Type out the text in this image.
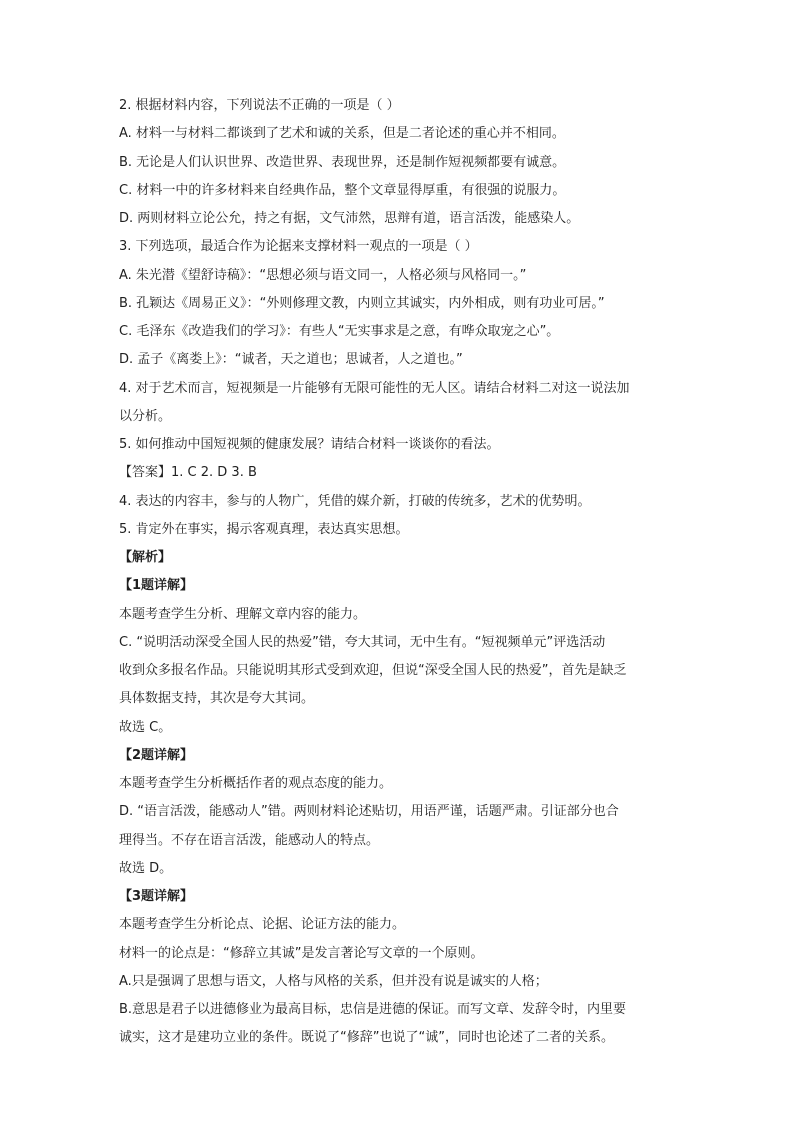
2. 根据材料内容，下列说法不正确的一项是（ ）
A. 材料一与材料二都谈到了艺术和诚的关系，但是二者论述的重心并不相同。
B. 无论是人们认识世界、改造世界、表现世界，还是制作短视频都要有诚意。
C. 材料一中的许多材料来自经典作品，整个文章显得厚重，有很强的说服力。
D. 两则材料立论公允，持之有据，文气沛然，思辩有道，语言活泼，能感染人。
3. 下列选项，最适合作为论据来支撑材料一观点的一项是（ ）
A. 朱光潜《望舒诗稿》：“思想必须与语文同一，人格必须与风格同一。”
B. 孔颖达《周易正义》：“外则修理文教，内则立其诚实，内外相成，则有功业可居。”
C. 毛泽东《改造我们的学习》：有些人“无实事求是之意，有哗众取宠之心”。
D. 孟子《离娄上》：“诚者，天之道也；思诚者，人之道也。”
4. 对于艺术而言，短视频是一片能够有无限可能性的无人区。请结合材料二对这一说法加
以分析。
5. 如何推动中国短视频的健康发展？请结合材料一谈谈你的看法。
【答案】1. C 2. D 3. B
4. 表达的内容丰，参与的人物广，凭借的媒介新，打破的传统多，艺术的优势明。
5. 肯定外在事实，揭示客观真理，表达真实思想。
【解析】
【1题详解】
本题考查学生分析、理解文章内容的能力。
C. “说明活动深受全国人民的热爱”错，夸大其词，无中生有。“短视频单元”评选活动
收到众多报名作品。只能说明其形式受到欢迎，但说“深受全国人民的热爱”，首先是缺乏
具体数据支持，其次是夸大其词。
故选 C。
【2题详解】
本题考查学生分析概括作者的观点态度的能力。
D. “语言活泼，能感动人”错。两则材料论述贴切，用语严谨，话题严肃。引证部分也合
理得当。不存在语言活泼，能感动人的特点。
故选 D。
【3题详解】
本题考查学生分析论点、论据、论证方法的能力。
材料一的论点是：“修辞立其诚”是发言著论写文章的一个原则。
A.只是强调了思想与语文，人格与风格的关系，但并没有说是诚实的人格；
B.意思是君子以进德修业为最高目标，忠信是进德的保证。而写文章、发辞令时，内里要
诚实，这才是建功立业的条件。既说了“修辞”也说了“诚”，同时也论述了二者的关系。
